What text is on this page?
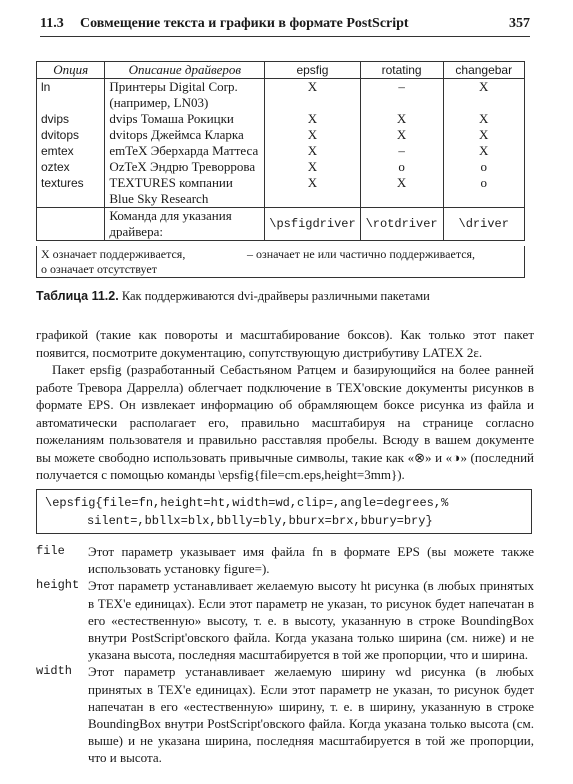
11.3 Совмещение текста и графики в формате PostScript	357
Опция	Описание драйверов	epsfig	rotating	changebar
ln	Принтеры Digital Corp. (например, LN03)	X	–	X
dvips	dvips Томаша Рокицки	X	X	X
dvitops	dvitops Джеймса Кларка	X	X	X
emtex	emTeX Эберхарда Маттеса	X	–	X
oztex	OzTeX Эндрю Треворрова	X	o	o
textures	TEXTURES компании Blue Sky Research	X	X	o
	Команда для указания драйвера:	\psfigdriver	\rotdriver	\driver
X означает поддерживается,	– означает не или частично поддерживается,
o означает отсутствует
Таблица 11.2. Как поддерживаются dvi-драйверы различными пакетами

графикой (такие как повороты и масштабирование боксов). Как только этот пакет появится, посмотрите документацию, сопутствующую дистрибутиву LATEX 2ε.

Пакет epsfig (разработанный Себастьяном Ратцем и базирующийся на более ранней работе Тревора Даррелла) облегчает подключение в TEX'овские документы рисунков в формате EPS. Он извлекает информацию об обрамляющем боксе рисунка из файла и автоматически располагает его, правильно масштабируя на странице согласно пожеланиям пользователя и правильно расставляя пробелы. Всюду в вашем документе вы можете свободно использовать привычные символы, такие как «⊗» и «◑» (последний получается с помощью команды \epsfig{file=cm.eps,height=3mm}).

\epsfig{file=fn,height=ht,width=wd,clip=,angle=degrees,%
silent=,bbllx=blx,bblly=bly,bburx=brx,bbury=bry}
file Этот параметр указывает имя файла fn в формате EPS (вы можете также использовать установку figure=).
height Этот параметр устанавливает желаемую высоту ht рисунка (в любых принятых в TEX'е единицах). Если этот параметр не указан, то рисунок будет напечатан в его «естественную» высоту, т. е. в высоту, указанную в строке BoundingBox внутри PostScript'овского файла. Когда указана только ширина (см. ниже) и не указана высота, последняя масштабируется в той же пропорции, что и ширина.
width Этот параметр устанавливает желаемую ширину wd рисунка (в любых принятых в TEX'е единицах). Если этот параметр не указан, то рисунок будет напечатан в его «естественную» ширину, т. е. в ширину, указанную в строке BoundingBox внутри PostScript'овского файла. Когда указана только высота (см. выше) и не указана ширина, последняя масштабируется в той же пропорции, что и высота.
